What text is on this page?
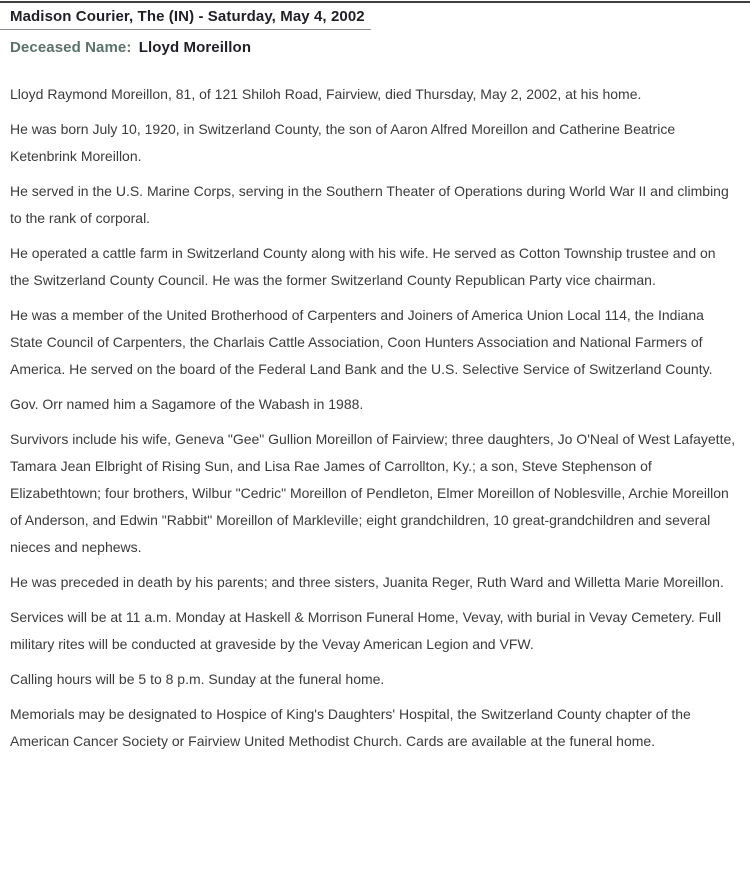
Madison Courier, The (IN) - Saturday, May 4, 2002
Deceased Name: Lloyd Moreillon

Lloyd Raymond Moreillon, 81, of 121 Shiloh Road, Fairview, died Thursday, May 2, 2002, at his home.

He was born July 10, 1920, in Switzerland County, the son of Aaron Alfred Moreillon and Catherine Beatrice Ketenbrink Moreillon.

He served in the U.S. Marine Corps, serving in the Southern Theater of Operations during World War II and climbing to the rank of corporal.

He operated a cattle farm in Switzerland County along with his wife. He served as Cotton Township trustee and on the Switzerland County Council. He was the former Switzerland County Republican Party vice chairman.

He was a member of the United Brotherhood of Carpenters and Joiners of America Union Local 114, the Indiana State Council of Carpenters, the Charlais Cattle Association, Coon Hunters Association and National Farmers of America. He served on the board of the Federal Land Bank and the U.S. Selective Service of Switzerland County.

Gov. Orr named him a Sagamore of the Wabash in 1988.

Survivors include his wife, Geneva "Gee" Gullion Moreillon of Fairview; three daughters, Jo O'Neal of West Lafayette, Tamara Jean Elbright of Rising Sun, and Lisa Rae James of Carrollton, Ky.; a son, Steve Stephenson of Elizabethtown; four brothers, Wilbur "Cedric" Moreillon of Pendleton, Elmer Moreillon of Noblesville, Archie Moreillon of Anderson, and Edwin "Rabbit" Moreillon of Markleville; eight grandchildren, 10 great-grandchildren and several nieces and nephews.

He was preceded in death by his parents; and three sisters, Juanita Reger, Ruth Ward and Willetta Marie Moreillon.

Services will be at 11 a.m. Monday at Haskell & Morrison Funeral Home, Vevay, with burial in Vevay Cemetery. Full military rites will be conducted at graveside by the Vevay American Legion and VFW.

Calling hours will be 5 to 8 p.m. Sunday at the funeral home.

Memorials may be designated to Hospice of King's Daughters' Hospital, the Switzerland County chapter of the American Cancer Society or Fairview United Methodist Church. Cards are available at the funeral home.
